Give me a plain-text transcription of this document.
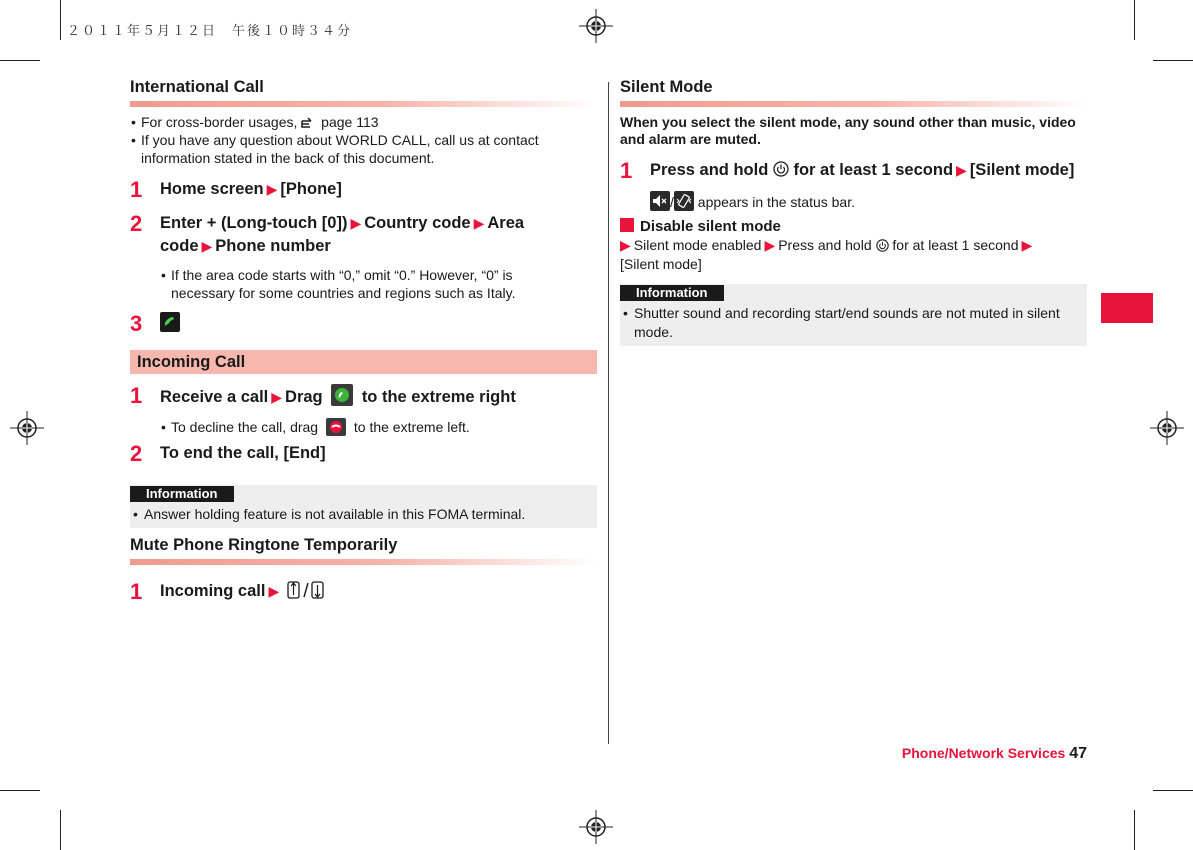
２０１１年５月１２日　午後１０時３４分
International Call
• For cross-border usages,  page 113
• If you have any question about WORLD CALL, call us at contact information stated in the back of this document.
1 Home screen ▶ [Phone]
2 Enter + (Long-touch [0]) ▶ Country code ▶ Area code ▶ Phone number
• If the area code starts with “0,” omit “0.” However, “0” is necessary for some countries and regions such as Italy.
3
Incoming Call
1 Receive a call ▶ Drag to the extreme right
• To decline the call, drag	to the extreme left.
2 To end the call, [End]
Information
• Answer holding feature is not available in this FOMA terminal.
Mute Phone Ringtone Temporarily
1 Incoming call ▶
Silent Mode
When you select the silent mode, any sound other than music, video and alarm are muted.
1 Press and hold for at least 1 second ▶ [Silent mode]
/ appears in the status bar.
Disable silent mode
▶ Silent mode enabled ▶ Press and hold for at least 1 second ▶
[Silent mode]
Information
• Shutter sound and recording start/end sounds are not muted in silent mode.
Phone/Network Services 47
